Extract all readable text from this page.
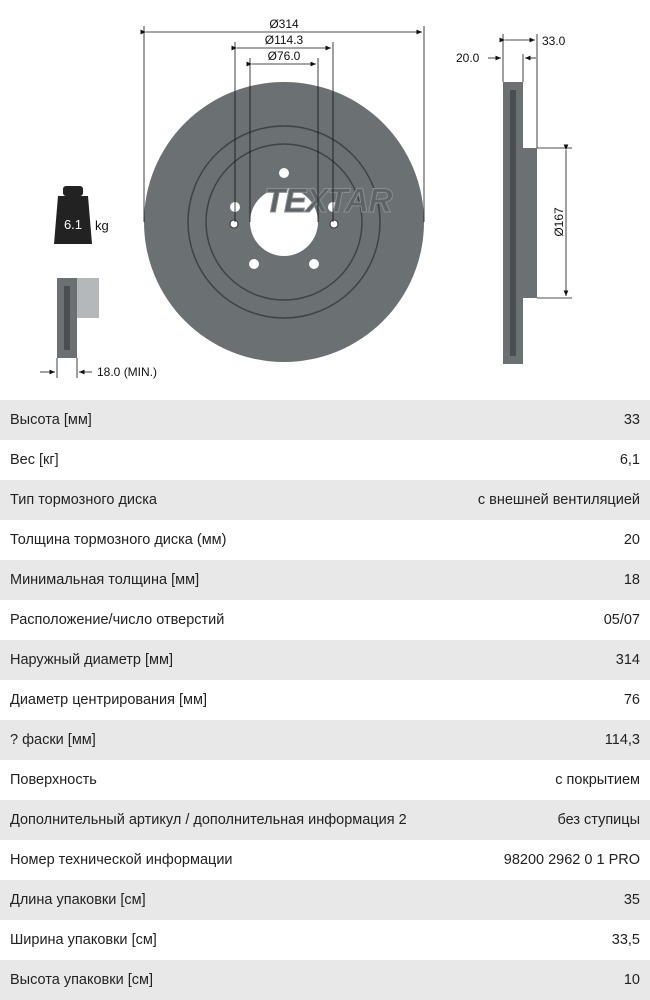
TEXTAR
Ø314
Ø114.3
Ø76.0
33.0
20.0
Ø167
6.1 kg
18.0 (MIN.)
Высота [мм]	33
Вес [кг]	6,1
Тип тормозного диска	с внешней вентиляцией
Толщина тормозного диска (мм)	20
Минимальная толщина [мм]	18
Расположение/число отверстий	05/07
Наружный диаметр [мм]	314
Диаметр центрирования [мм]	76
? фаски [мм]	114,3
Поверхность	с покрытием
Дополнительный артикул / дополнительная информация 2	без ступицы
Номер технической информации	98200 2962 0 1 PRO
Длина упаковки [см]	35
Ширина упаковки [см]	33,5
Высота упаковки [см]	10
